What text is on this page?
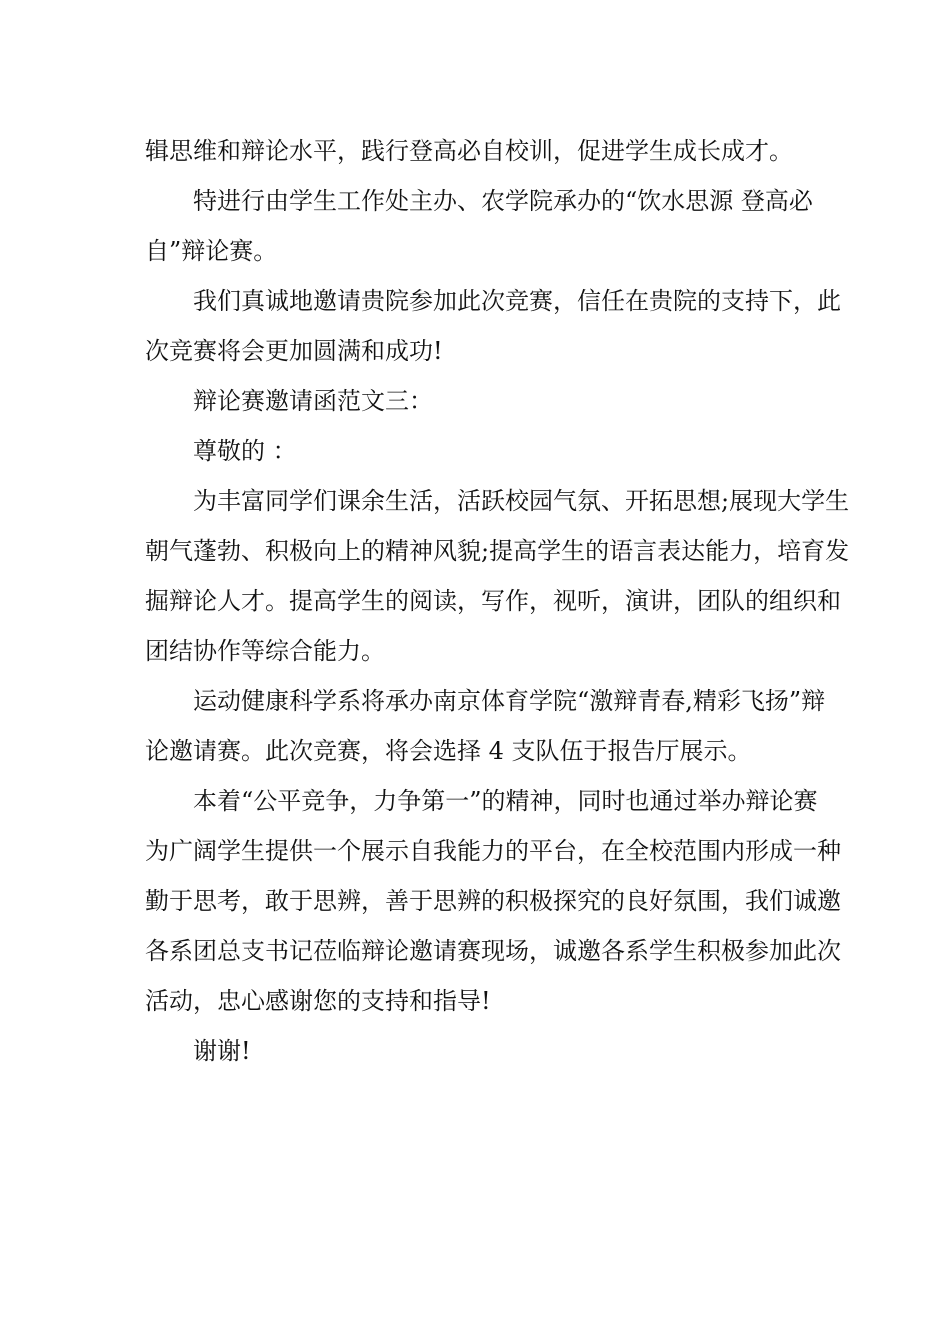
辑思维和辩论水平，践行登高必自校训，促进学生成长成才。
特进行由学生工作处主办、农学院承办的“饮水思源 登高必
自”辩论赛。
我们真诚地邀请贵院参加此次竞赛，信任在贵院的支持下，此
次竞赛将会更加圆满和成功!
辩论赛邀请函范文三：
尊敬的 ：
为丰富同学们课余生活，活跃校园气氛、开拓思想;展现大学生
朝气蓬勃、积极向上的精神风貌;提高学生的语言表达能力，培育发
掘辩论人才。提高学生的阅读，写作，视听，演讲，团队的组织和
团结协作等综合能力。
运动健康科学系将承办南京体育学院“激辩青春,精彩飞扬”辩
论邀请赛。此次竞赛，将会选择 4 支队伍于报告厅展示。
本着“公平竞争，力争第一”的精神，同时也通过举办辩论赛
为广阔学生提供一个展示自我能力的平台，在全校范围内形成一种
勤于思考，敢于思辨，善于思辨的积极探究的良好氛围，我们诚邀
各系团总支书记莅临辩论邀请赛现场，诚邀各系学生积极参加此次
活动，忠心感谢您的支持和指导!
谢谢!
